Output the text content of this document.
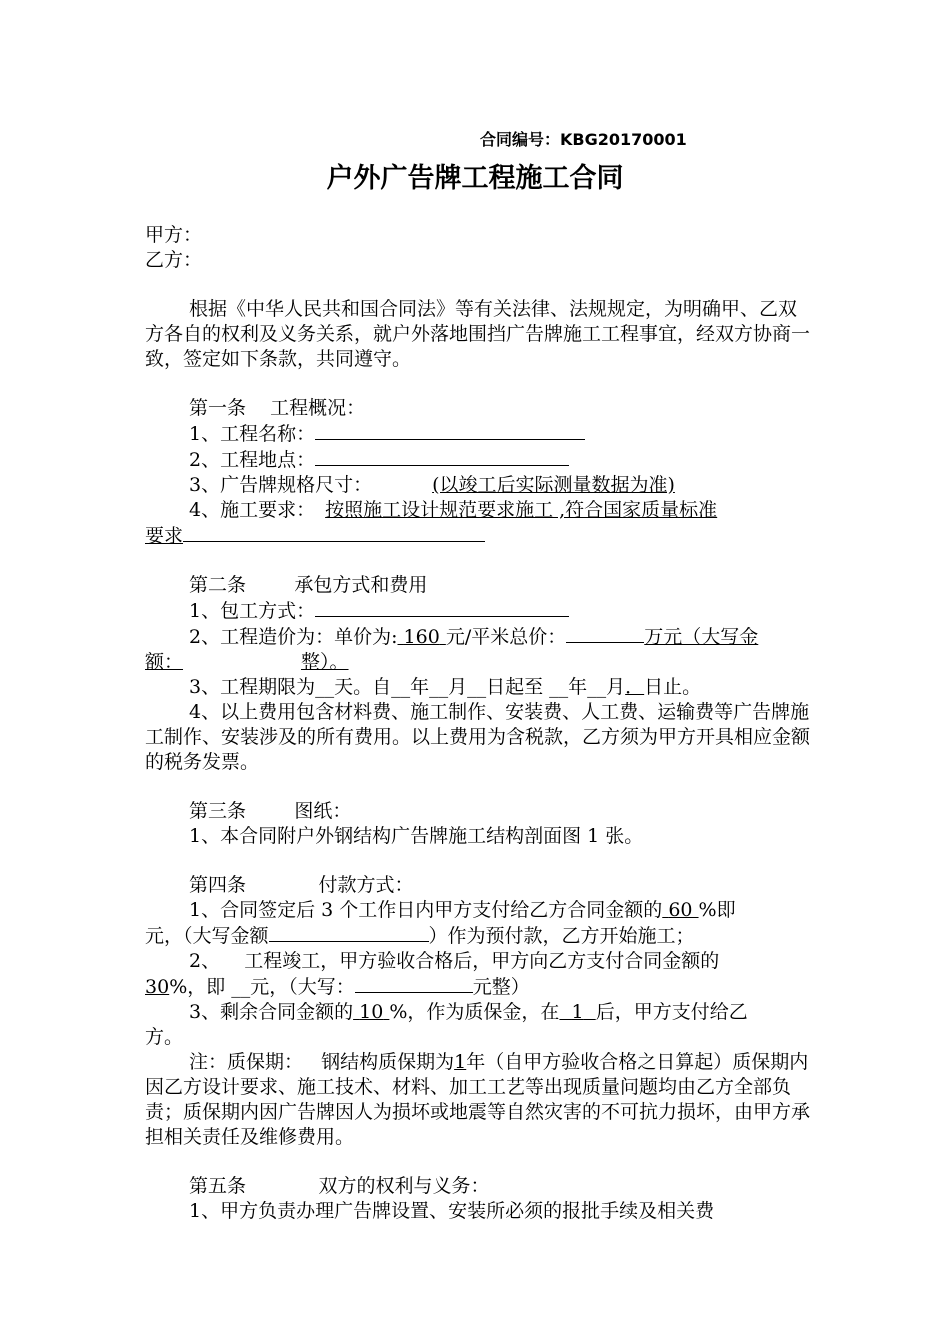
合同编号：KBG20170001
户外广告牌工程施工合同

甲方：

乙方：

根据《中华人民共和国合同法》等有关法律、法规规定，为明确甲、乙双方各自的权利及义务关系，就户外落地围挡广告牌施工工程事宜，经双方协商一致，签定如下条款，共同遵守。

第一条    工程概况：

1、工程名称：

2、工程地点：

3、广告牌规格尺寸：	(以竣工后实际测量数据为准)

4、施工要求： 按照施工设计规范要求施工 ,符合国家质量标准

要求

第二条        承包方式和费用

1、包工方式：

2、工程造价为：单价为: 160 元/平米总价：	万元（大写金

额：	整）。

3、工程期限为__天。自__年__月__日起至 __年__月．日止。

4、以上费用包含材料费、施工制作、安装费、人工费、运输费等广告牌施工制作、安装涉及的所有费用。以上费用为含税款，乙方须为甲方开具相应金额的税务发票。

第三条        图纸：

1、本合同附户外钢结构广告牌施工结构剖面图 1 张。

第四条            付款方式：

1、合同签定后 3 个工作日内甲方支付给乙方合同金额的 60 %即

元，（大写金额	）作为预付款，乙方开始施工；

2、    工程竣工，甲方验收合格后，甲方向乙方支付合同金额的

30%，即 __元，（大写：	元整）

3、剩余合同金额的 10 %，作为质保金，在 1 后，甲方支付给乙

方。

注：质保期：   钢结构质保期为1年（自甲方验收合格之日算起）质保期内因乙方设计要求、施工技术、材料、加工工艺等出现质量问题均由乙方全部负责；质保期内因广告牌因人为损坏或地震等自然灾害的不可抗力损坏，由甲方承担相关责任及维修费用。

第五条            双方的权利与义务：

1、甲方负责办理广告牌设置、安装所必须的报批手续及相关费
